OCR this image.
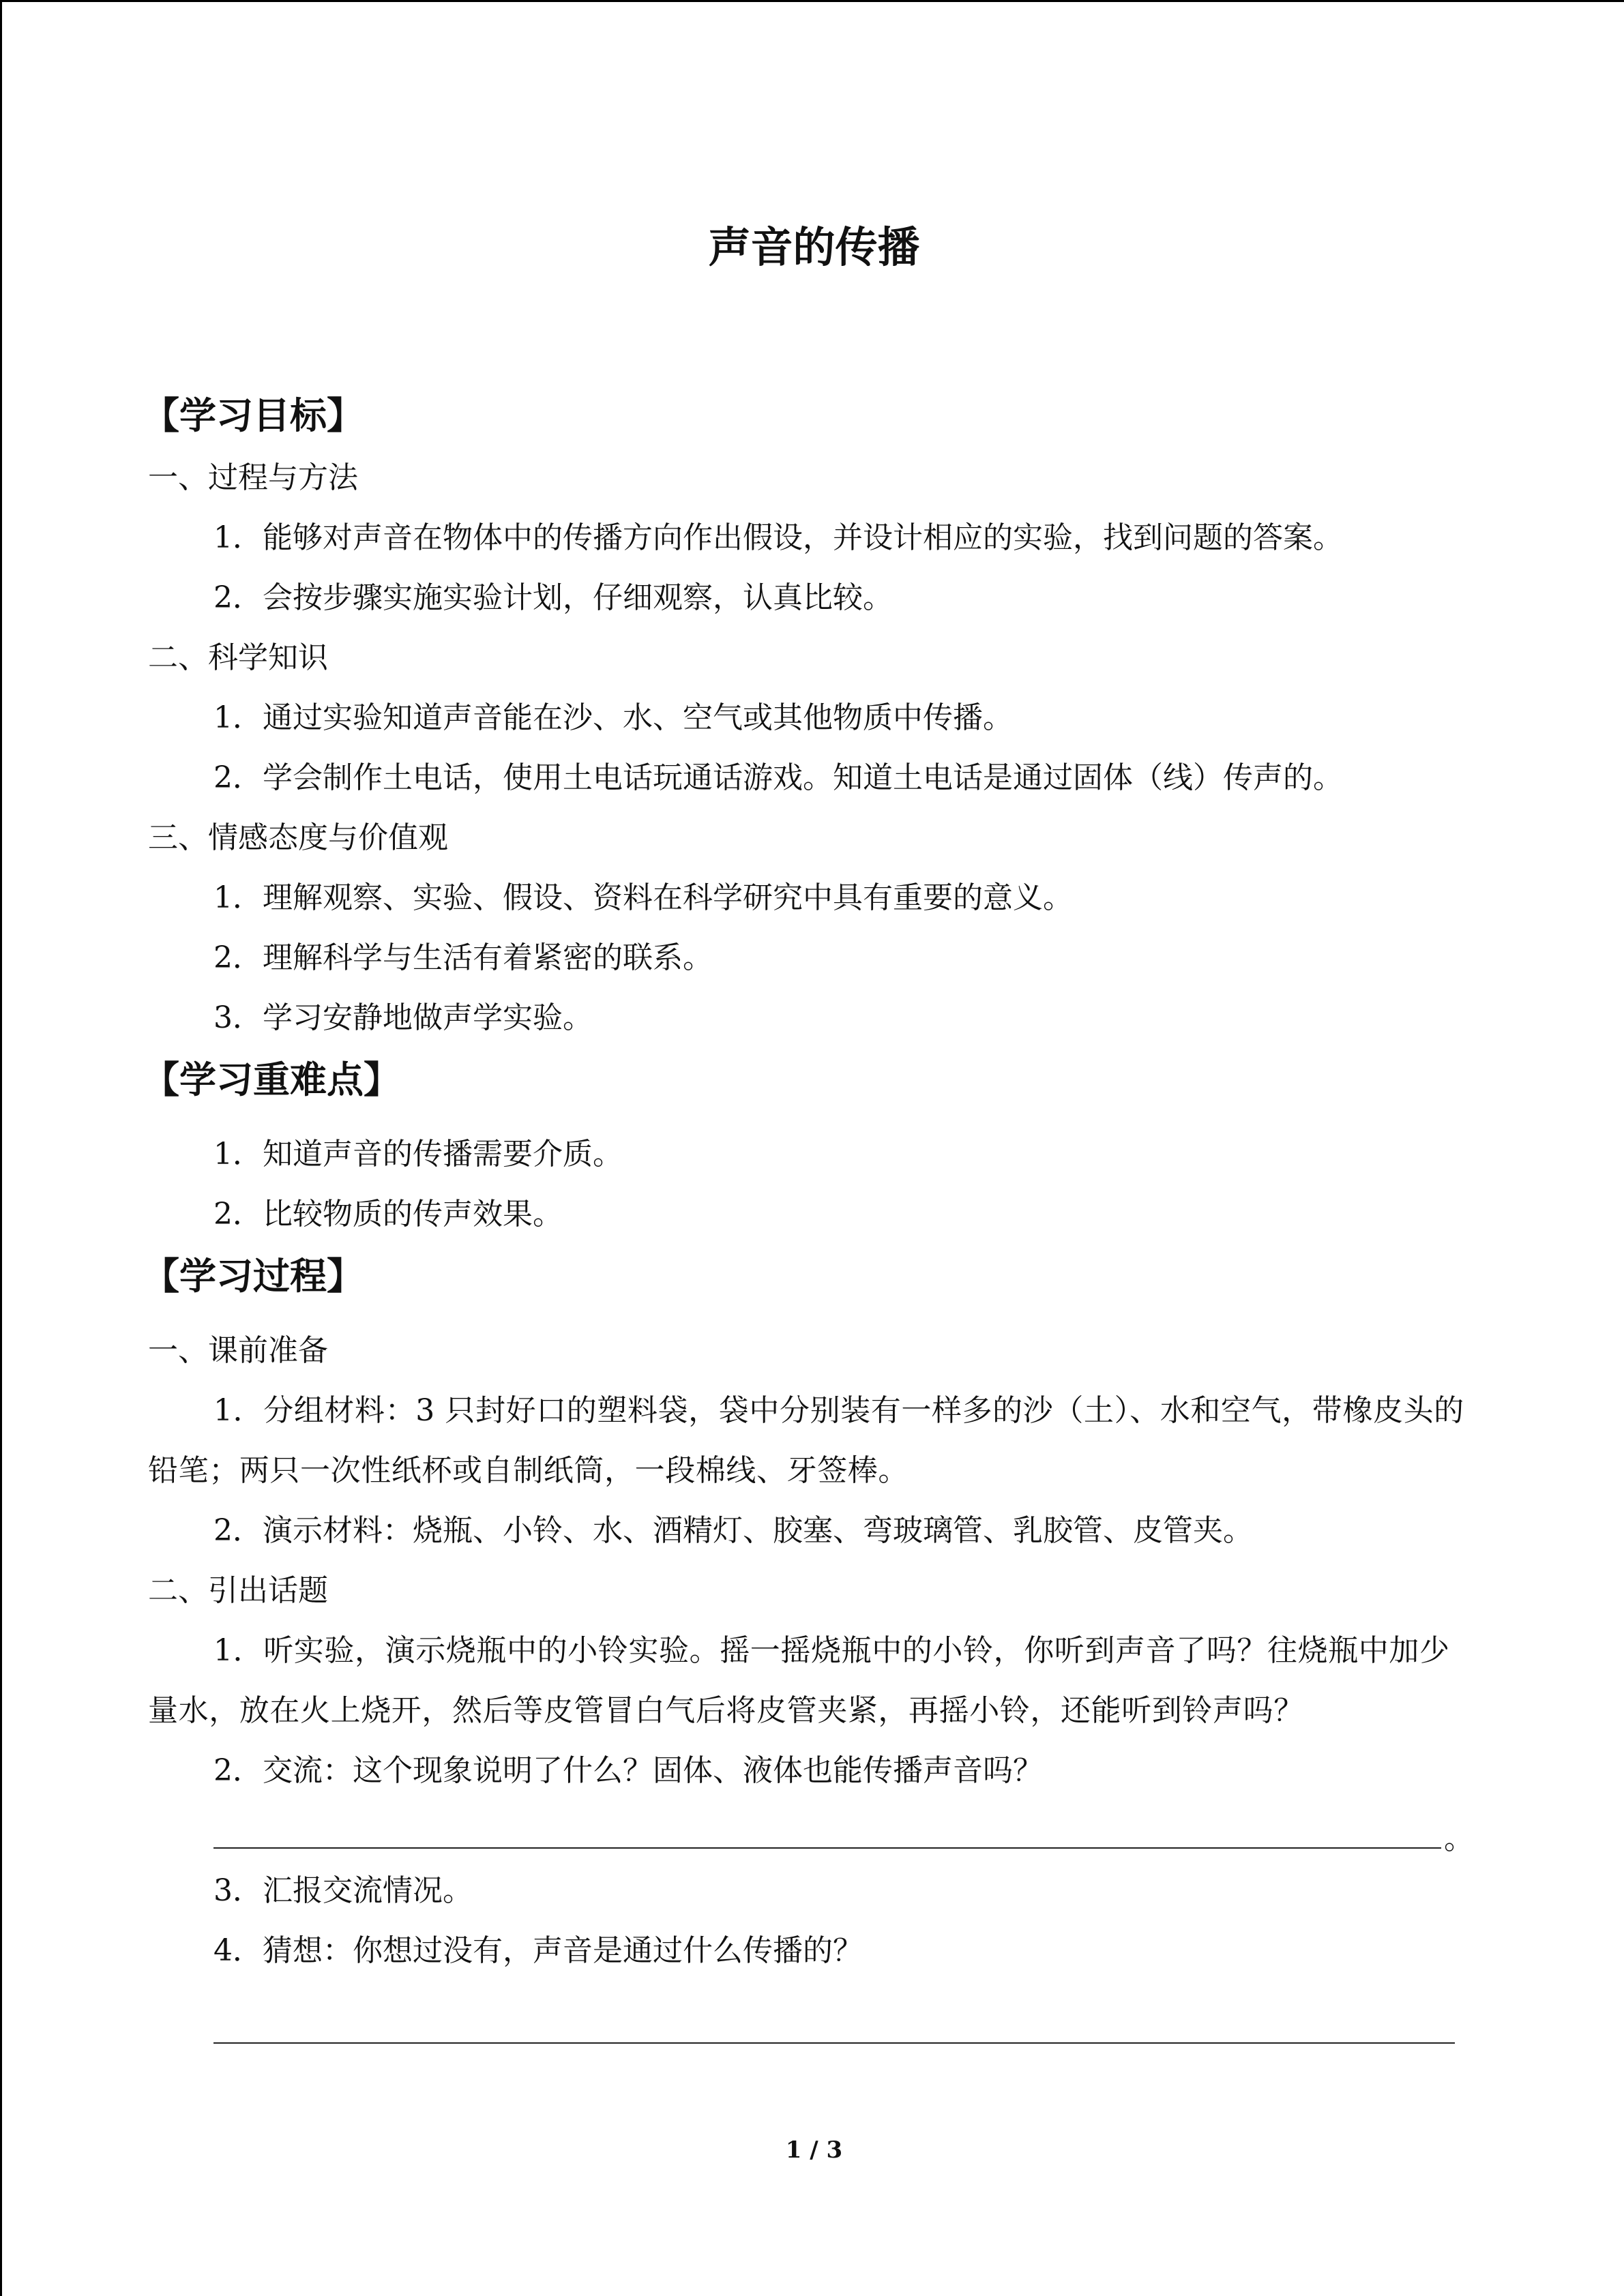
声音的传播
【学习目标】
一、过程与方法
1．能够对声音在物体中的传播方向作出假设，并设计相应的实验，找到问题的答案。
2．会按步骤实施实验计划，仔细观察，认真比较。
二、科学知识
1．通过实验知道声音能在沙、水、空气或其他物质中传播。
2．学会制作土电话，使用土电话玩通话游戏。知道土电话是通过固体（线）传声的。
三、情感态度与价值观
1．理解观察、实验、假设、资料在科学研究中具有重要的意义。
2．理解科学与生活有着紧密的联系。
3．学习安静地做声学实验。
【学习重难点】
1．知道声音的传播需要介质。
2．比较物质的传声效果。
【学习过程】
一、课前准备
1．分组材料：3 只封好口的塑料袋，袋中分别装有一样多的沙（土）、水和空气，带橡皮头的铅笔；两只一次性纸杯或自制纸筒，一段棉线、牙签棒。
2．演示材料：烧瓶、小铃、水、酒精灯、胶塞、弯玻璃管、乳胶管、皮管夹。
二、引出话题
1．听实验，演示烧瓶中的小铃实验。摇一摇烧瓶中的小铃，你听到声音了吗？往烧瓶中加少量水，放在火上烧开，然后等皮管冒白气后将皮管夹紧，再摇小铃，还能听到铃声吗？
2．交流：这个现象说明了什么？固体、液体也能传播声音吗？
。
3．汇报交流情况。
4．猜想：你想过没有，声音是通过什么传播的？
1 / 3
